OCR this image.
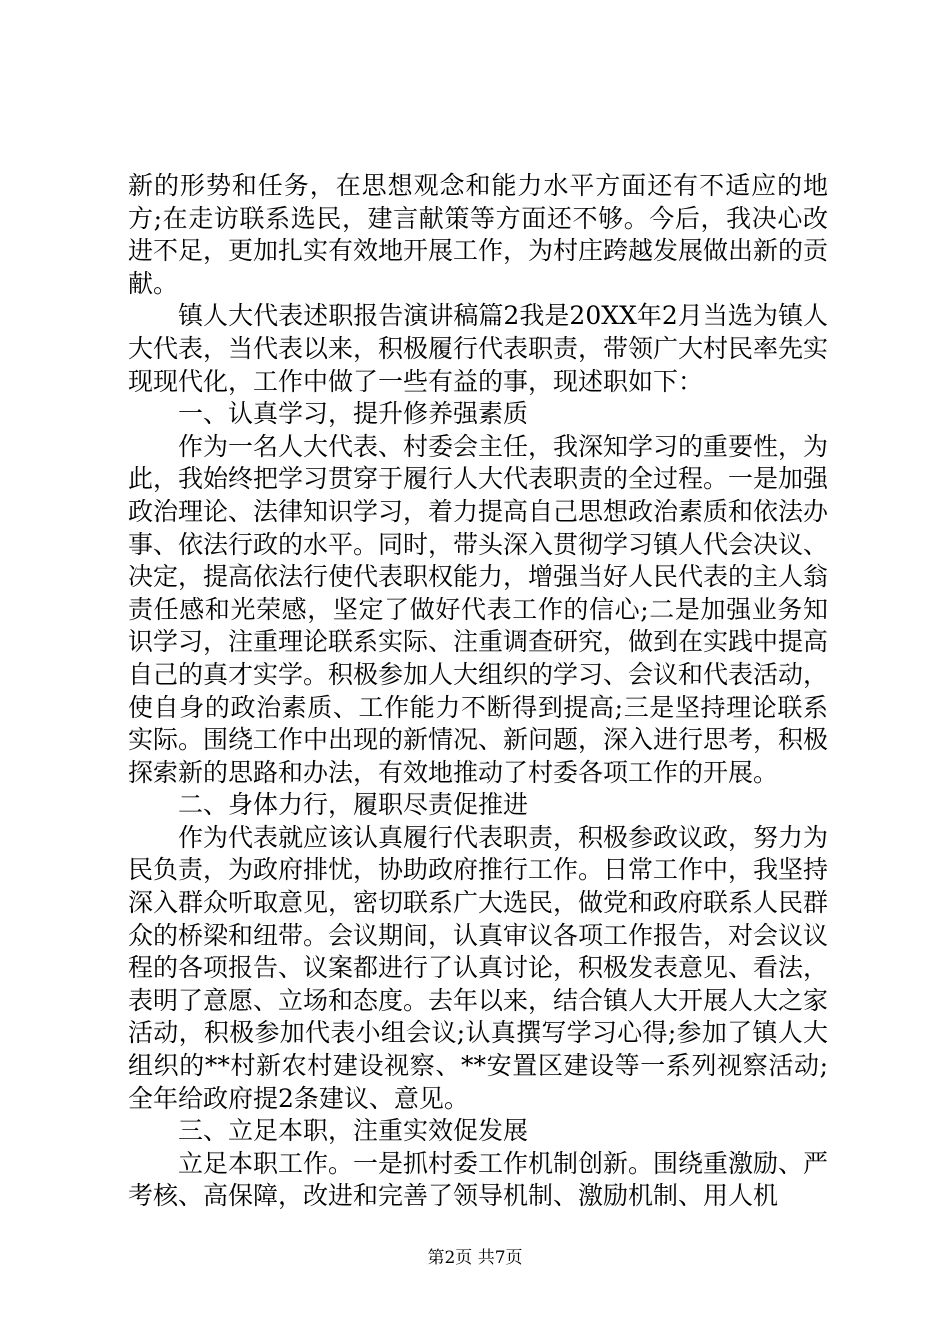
新的形势和任务，在思想观念和能力水平方面还有不适应的地方;在走访联系选民，建言献策等方面还不够。今后，我决心改进不足，更加扎实有效地开展工作，为村庄跨越发展做出新的贡献。

镇人大代表述职报告演讲稿篇2我是20XX年2月当选为镇人大代表，当代表以来，积极履行代表职责，带领广大村民率先实现现代化，工作中做了一些有益的事，现述职如下：

一、认真学习，提升修养强素质

作为一名人大代表、村委会主任，我深知学习的重要性，为此，我始终把学习贯穿于履行人大代表职责的全过程。一是加强政治理论、法律知识学习，着力提高自己思想政治素质和依法办事、依法行政的水平。同时，带头深入贯彻学习镇人代会决议、决定，提高依法行使代表职权能力，增强当好人民代表的主人翁责任感和光荣感，坚定了做好代表工作的信心;二是加强业务知识学习，注重理论联系实际、注重调查研究，做到在实践中提高自己的真才实学。积极参加人大组织的学习、会议和代表活动，使自身的政治素质、工作能力不断得到提高;三是坚持理论联系实际。围绕工作中出现的新情况、新问题，深入进行思考，积极探索新的思路和办法，有效地推动了村委各项工作的开展。

二、身体力行，履职尽责促推进

作为代表就应该认真履行代表职责，积极参政议政，努力为民负责，为政府排忧，协助政府推行工作。日常工作中，我坚持深入群众听取意见，密切联系广大选民，做党和政府联系人民群众的桥梁和纽带。会议期间，认真审议各项工作报告，对会议议程的各项报告、议案都进行了认真讨论，积极发表意见、看法，表明了意愿、立场和态度。去年以来，结合镇人大开展人大之家活动，积极参加代表小组会议;认真撰写学习心得;参加了镇人大组织的**村新农村建设视察、**安置区建设等一系列视察活动;全年给政府提2条建议、意见。

三、立足本职，注重实效促发展

立足本职工作。一是抓村委工作机制创新。围绕重激励、严考核、高保障，改进和完善了领导机制、激励机制、用人机

第2页 共7页
